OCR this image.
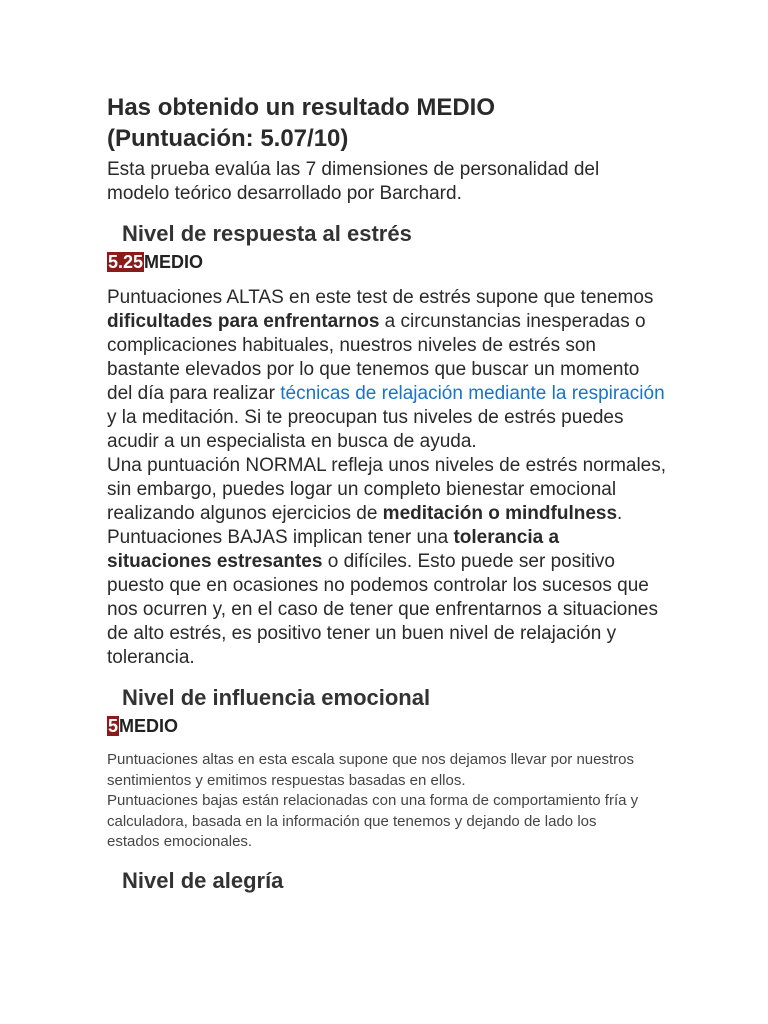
Has obtenido un resultado MEDIO
(Puntuación: 5.07/10)
Esta prueba evalúa las 7 dimensiones de personalidad del modelo teórico desarrollado por Barchard.
Nivel de respuesta al estrés
5.25MEDIO

Puntuaciones ALTAS en este test de estrés supone que tenemos dificultades para enfrentarnos a circunstancias inesperadas o complicaciones habituales, nuestros niveles de estrés son bastante elevados por lo que tenemos que buscar un momento del día para realizar técnicas de relajación mediante la respiración y la meditación. Si te preocupan tus niveles de estrés puedes acudir a un especialista en busca de ayuda.

Una puntuación NORMAL refleja unos niveles de estrés normales, sin embargo, puedes logar un completo bienestar emocional realizando algunos ejercicios de meditación o mindfulness.

Puntuaciones BAJAS implican tener una tolerancia a situaciones estresantes o difíciles. Esto puede ser positivo puesto que en ocasiones no podemos controlar los sucesos que nos ocurren y, en el caso de tener que enfrentarnos a situaciones de alto estrés, es positivo tener un buen nivel de relajación y tolerancia.

Nivel de influencia emocional
5MEDIO

Puntuaciones altas en esta escala supone que nos dejamos llevar por nuestros sentimientos y emitimos respuestas basadas en ellos.

Puntuaciones bajas están relacionadas con una forma de comportamiento fría y calculadora, basada en la información que tenemos y dejando de lado los estados emocionales.

Nivel de alegría
